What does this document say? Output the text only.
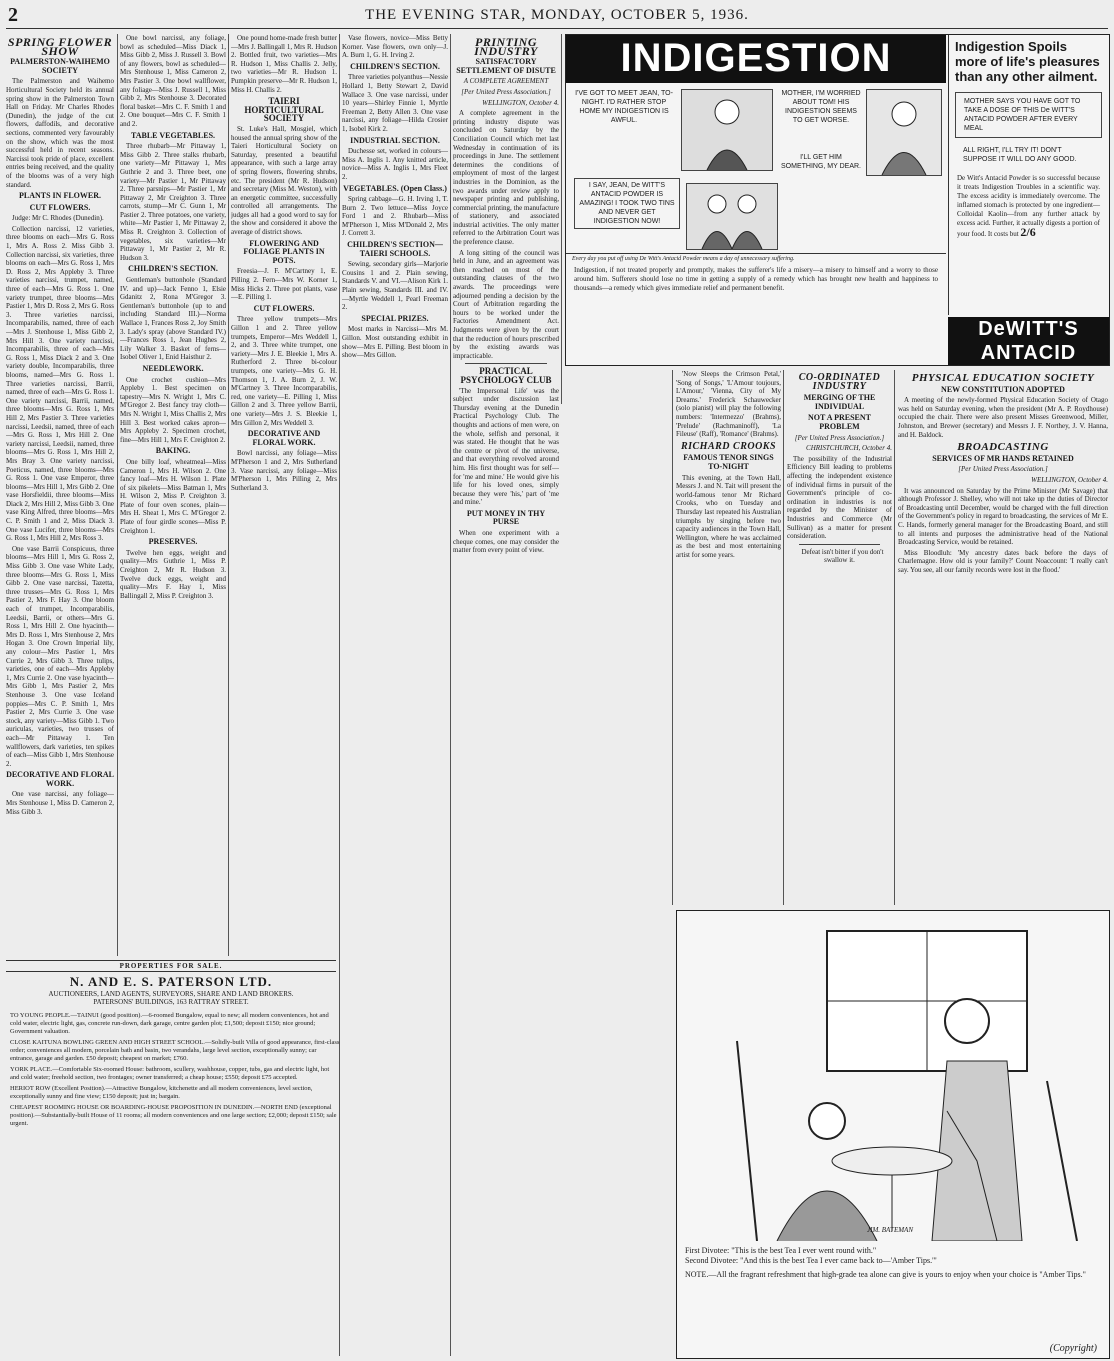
2	THE EVENING STAR, MONDAY, OCTOBER 5, 1936.
SPRING FLOWER SHOW
PALMERSTON-WAIHEMO SOCIETY

The Palmerston and Waihemo Horticultural Society held its annual spring show in the Palmerston Town Hall on Friday. Mr Charles Rhodes (Dunedin), the judge of the cut flowers, daffodils, and decorative sections, commented very favourably on the show, which was the most successful held in recent seasons. Narcissi took pride of place, excellent entries being received, and the quality of the blooms was of a very high standard.

PLANTS IN FLOWER.
CUT FLOWERS.

Judge: Mr C. Rhodes (Dunedin).

Collection narcissi, 12 varieties, three blooms on each—Mrs G. Ross 1, Mrs A. Ross 2. Miss Gibb 3. Collection narcissi, six varieties, three blooms on each—Mrs G. Ross 1, Mrs D. Ross 2, Mrs Appleby 3. Three varieties narcissi, trumpet, named, three of each—Mrs G. Ross 1. One variety trumpet, three blooms—Mrs Pastier 1, Mrs D. Ross 2, Mrs G. Ross 3. Three varieties narcissi, Incomparabilis, named, three of each—Mrs J. Stenhouse 1, Miss Gibb 2, Mrs Hill 3. One variety narcissi, Incomparabilis, three of each—Mrs G. Ross 1, Miss Diack 2 and 3. One variety double, Incomparabilis, three blooms, named—Mrs G. Ross 1. Three varieties narcissi, Barrii, named, three of each—Mrs G. Ross 1. One variety narcissi, Barrii, named, three blooms—Mrs G. Ross 1, Mrs Hill 2, Mrs Pastier 3. Three varieties narcissi, Leedsii, named, three of each—Mrs G. Ross 1, Mrs Hill 2. One variety narcissi, Leedsii, named, three blooms—Mrs G. Ross 1, Mrs Hill 2, Mrs Bray 3. One variety narcissi, Poeticus, named, three blooms—Mrs G. Ross 1. One vase Emperor, three blooms—Mrs Hill 1, Mrs Gibb 2. One vase Horsfieldii, three blooms—Miss Diack 2, Mrs Hill 2, Miss Gibb 3. One vase King Alfred, three blooms—Mrs C. P. Smith 1 and 2, Miss Diack 3. One vase Lucifer, three blooms—Mrs G. Ross 1, Mrs Hill 2, Mrs Ross 3.

One vase Barrii Conspicuus, three blooms—Mrs Hill 1, Mrs G. Ross 2, Miss Gibb 3. One vase White Lady, three blooms—Mrs G. Ross 1, Miss Gibb 2. One vase narcissi, Tazetta, three trusses—Mrs G. Ross 1, Mrs Pastier 2, Mrs F. Hay 3. One bloom each of trumpet, Incomparabilis, Leedsii, Barrii, or others—Mrs G. Ross 1, Mrs Hill 2. One hyacinth—Mrs D. Ross 1, Mrs Stenhouse 2, Mrs Hogan 3. One Crown Imperial lily, any colour—Mrs Pastier 1, Mrs Currie 2, Mrs Gibb 3. Three tulips, varieties, one of each—Mrs Appleby 1, Mrs Currie 2. One vase hyacinth—Mrs Gibb 1, Mrs Pastier 2, Mrs Stenhouse 3. One vase Iceland poppies—Mrs C. P. Smith 1, Mrs Pastier 2, Mrs Currie 3. One vase stock, any variety—Miss Gibb 1. Two auriculas, varieties, two trusses of each—Mr Pittaway 1. Ten wallflowers, dark varieties, ten spikes of each—Miss Gibb 1, Mrs Stenhouse 2.

DECORATIVE AND FLORAL WORK.

One vase narcissi, any foliage—Mrs Stenhouse 1, Miss D. Cameron 2, Miss Gibb 3.

One bowl narcissi, any foliage, bowl as scheduled—Miss Diack 1, Miss Gibb 2, Miss J. Russell 3. Bowl of any flowers, bowl as scheduled—Mrs Stenhouse 1, Miss Cameron 2, Mrs Pastier 3. One bowl wallflower, any foliage—Miss J. Russell 1, Miss Gibb 2, Mrs Stenhouse 3. Decorated floral basket—Mrs C. F. Smith 1 and 2. One bouquet—Mrs C. F. Smith 1 and 2.

TABLE VEGETABLES.

Three rhubarb—Mr Pittaway 1, Miss Gibb 2. Three stalks rhubarb, one variety—Mr Pittaway 1, Mrs Guthrie 2 and 3. Three beet, one variety—Mr Pastier 1, Mr Pittaway 2. Three parsnips—Mr Pastier 1, Mr Pittaway 2, Mr Creighton 3. Three carrots, stump—Mr C. Gunn 1, Mr Pastier 2. Three potatoes, one variety, white—Mr Pastier 1, Mr Pittaway 2, Miss R. Creighton 3. Collection of vegetables, six varieties—Mr Pittaway 1, Mr Pastier 2, Mr R. Hudson 3.

CHILDREN'S SECTION.

Gentleman's buttonhole (Standard IV. and up)—Jack Fenno 1, Elsie Gdanitz 2, Rona M'Gregor 3. Gentleman's buttonhole (up to and including Standard III.)—Norma Wallace 1, Frances Ross 2, Joy Smith 3. Lady's spray (above Standard IV.)—Frances Ross 1, Jean Hughes 2, Lily Walker 3. Basket of ferns—Isobel Oliver 1, Enid Haisthur 2.

NEEDLEWORK.

One crochet cushion—Mrs Appleby 1. Best specimen on tapestry—Mrs N. Wright 1, Mrs C. M'Gregor 2. Best fancy tray cloth—Mrs N. Wright 1, Miss Challis 2, Mrs Hill 3. Best worked cakes apron—Mrs Appleby 2. Specimen crochet, fine—Mrs Hill 1, Mrs F. Creighton 2.

BAKING.

One billy loaf, wheatmeal—Miss Cameron 1, Mrs H. Wilson 2. One fancy loaf—Mrs H. Wilson 1. Plate of six pikelets—Miss Batman 1, Mrs H. Wilson 2, Miss P. Creighton 3. Plate of four oven scones, plain—Mrs H. Sheat 1, Mrs C. M'Gregor 2. Plate of four girdle scones—Miss P. Creighton 1.

PRESERVES.

Twelve hen eggs, weight and quality—Mrs Guthrie 1, Miss P. Creighton 2, Mr R. Hudson 3. Twelve duck eggs, weight and quality—Mrs F. Hay 1, Miss Ballingall 2, Miss P. Creighton 3.

One pound home-made fresh butter—Mrs J. Ballingall 1, Mrs R. Hudson 2. Bottled fruit, two varieties—Mrs R. Hudson 1, Miss Challis 2. Jelly, two varieties—Mr R. Hudson 1. Pumpkin preserve—Mr R. Hudson 1, Miss H. Challis 2.

TAIERI HORTICULTURAL SOCIETY

St. Luke's Hall, Mosgiel, which housed the annual spring show of the Taieri Horticultural Society on Saturday, presented a beautiful appearance, with such a large array of spring flowers, flowering shrubs, etc. The president (Mr R. Hudson) and secretary (Miss M. Weston), with an energetic committee, successfully controlled all arrangements. The judges all had a good word to say for the show and considered it above the average of district shows.

FLOWERING AND FOLIAGE PLANTS IN POTS.

Freesia—J. F. M'Cartney 1, E. Pilling 2. Fern—Mrs W. Korner 1, Miss Hicks 2. Three pot plants, vase—E. Pilling 1.

CUT FLOWERS.

Three yellow trumpets—Mrs Gillon 1 and 2. Three yellow trumpets, Emperor—Mrs Weddell 1, 2, and 3. Three white trumpet, one variety—Mrs J. E. Bleekie 1, Mrs A. Rutherford 2. Three bi-colour trumpets, one variety—Mrs G. H. Thomson 1, J. A. Burn 2, J. W. M'Cartney 3. Three Incomparabilis, red, one variety—E. Pilling 1, Miss Gillon 2 and 3. Three yellow Barrii, one variety—Mrs J. S. Bleekie 1, Mrs Gillon 2, Mrs Weddell 3.

DECORATIVE AND FLORAL WORK.

Bowl narcissi, any foliage—Miss M'Pherson 1 and 2, Mrs Sutherland 3. Vase narcissi, any foliage—Miss M'Pherson 1, Mrs Pilling 2, Mrs Sutherland 3.

Vase flowers, novice—Miss Betty Korner. Vase flowers, own only—J. A. Burn 1, G. H. Irving 2.

CHILDREN'S SECTION.

Three varieties polyanthus—Nessie Hollard 1, Betty Stewart 2, David Wallace 3. One vase narcissi, under 10 years—Shirley Finnie 1, Myrtle Freeman 2, Betty Allen 3. One vase narcissi, any foliage—Hilda Crosier 1, Isobel Kirk 2.

INDUSTRIAL SECTION.

Duchesse set, worked in colours—Miss A. Inglis 1. Any knitted article, novice—Miss A. Inglis 1, Mrs Fleet 2.

VEGETABLES. (Open Class.)

Spring cabbage—G. H. Irving 1, T. Burn 2. Two lettuce—Miss Joyce Ford 1 and 2. Rhubarb—Miss M'Pherson 1, Miss M'Donald 2, Mrs J. Corrett 3.

CHILDREN'S SECTION—TAIERI SCHOOLS.

Sewing, secondary girls—Marjorie Cousins 1 and 2. Plain sewing, Standards V. and VI.—Alison Kirk 1. Plain sewing, Standards III. and IV.—Myrtle Weddell 1, Pearl Freeman 2.

SPECIAL PRIZES.

Most marks in Narcissi—Mrs M. Gillon. Most outstanding exhibit in show—Mrs E. Pilling. Best bloom in show—Mrs Gillon.

PRINTING INDUSTRY
SATISFACTORY SETTLEMENT OF DISUTE
A COMPLETE AGREEMENT
[Per United Press Association.]
WELLINGTON, October 4.

A complete agreement in the printing industry dispute was concluded on Saturday by the Conciliation Council which met last Wednesday in continuation of its proceedings in June. The settlement determines the conditions of employment of most of the largest industries in the Dominion, as the two awards under review apply to newspaper printing and publishing, commercial printing, the manufacture of stationery, and associated industrial activities. The only matter referred to the Arbitration Court was the preference clause.

A long sitting of the council was held in June, and an agreement was then reached on most of the outstanding clauses of the two awards. The proceedings were adjourned pending a decision by the Court of Arbitration regarding the hours to be worked under the Factories Amendment Act. Judgments were given by the court that the reduction of hours prescribed by the existing awards was impracticable.

PRACTICAL PSYCHOLOGY CLUB

'The Impersonal Life' was the subject under discussion last Thursday evening at the Dunedin Practical Psychology Club. The thoughts and actions of men were, on the whole, selfish and personal, it was stated. He thought that he was the centre or pivot of the universe, and that everything revolved around him. His first thought was for self—for 'me and mine.' He would give his life for his loved ones, simply because they were 'his,' part of 'me and mine.'

PUT MONEY IN THY PURSE

When one experiment with a cheque comes, one may consider the matter from every point of view.

INDIGESTION
I'VE GOT TO MEET JEAN, TO-NIGHT. I'D RATHER STOP HOME MY INDIGESTION IS AWFUL.
MOTHER, I'M WORRIED ABOUT TOM! HIS INDIGESTION SEEMS TO GET WORSE.
I'LL GET HIM SOMETHING, MY DEAR.
I SAY, JEAN, De WITT'S ANTACID POWDER IS AMAZING! I TOOK TWO TINS AND NEVER GET INDIGESTION NOW!
Every day you put off using De Witt's Antacid Powder means a day of unnecessary suffering.
Indigestion, if not treated properly and promptly, makes the sufferer's life a misery—a misery to himself and a worry to those around him. Sufferers should lose no time in getting a supply of a remedy which has brought new health and happiness to thousands—a remedy which gives immediate relief and permanent benefit.
Indigestion Spoils more of life's pleasures than any other ailment.
MOTHER SAYS YOU HAVE GOT TO TAKE A DOSE OF THIS De WITT'S ANTACID POWDER AFTER EVERY MEAL
ALL RIGHT, I'LL TRY IT! DON'T SUPPOSE IT WILL DO ANY GOOD.
De Witt's Antacid Powder is so successful because it treats Indigestion Troubles in a scientific way. The excess acidity is immediately overcome. The inflamed stomach is protected by one ingredient—Colloidal Kaolin—from any further attack by excess acid. Further, it actually digests a portion of your food. It costs but 2/6
DeWITT'S ANTACID

'Now Sleeps the Crimson Petal,' 'Song of Songs,' 'L'Amour toujours, L'Amour,' 'Vienna, City of My Dreams.' Frederick Schauwecker (solo pianist) will play the following numbers: 'Intermezzo' (Brahms), 'Prelude' (Rachmaninoff), 'La Fileuse' (Raff), 'Romance' (Brahms).

RICHARD CROOKS
FAMOUS TENOR SINGS TO-NIGHT

This evening, at the Town Hall, Messrs J. and N. Tait will present the world-famous tenor Mr Richard Crooks, who on Tuesday and Thursday last repeated his Australian triumphs by singing before two capacity audiences in the Town Hall, Wellington, where he was acclaimed as the best and most entertaining artist for some years.

CO-ORDINATED INDUSTRY
MERGING OF THE INDIVIDUAL
NOT A PRESENT PROBLEM
[Per United Press Association.]
CHRISTCHURCH, October 4.

The possibility of the Industrial Efficiency Bill leading to problems affecting the independent existence of individual firms in pursuit of the Government's principle of co-ordination in industries is not regarded by the Minister of Industries and Commerce (Mr Sullivan) as a matter for present consideration.

Defeat isn't bitter if you don't swallow it.

PHYSICAL EDUCATION SOCIETY
NEW CONSTITUTION ADOPTED

A meeting of the newly-formed Physical Education Society of Otago was held on Saturday evening, when the president (Mr A. P. Roydhouse) occupied the chair. There were also present Misses Greenwood, Miller, Johnston, and Brewer (secretary) and Messrs J. F. Northey, J. V. Hanna, and H. Baldock.

BROADCASTING
SERVICES OF MR HANDS RETAINED
[Per United Press Association.]
WELLINGTON, October 4.

It was announced on Saturday by the Prime Minister (Mr Savage) that although Professor J. Shelley, who will not take up the duties of Director of Broadcasting until December, would be charged with the full direction of the Government's policy in regard to broadcasting, the services of Mr E. C. Hands, formerly general manager for the Broadcasting Board, and still to all intents and purposes the administrative head of the National Broadcasting Service, would be retained.

Miss Bloodluh: 'My ancestry dates back before the days of Charlemagne. How old is your family?' Count Noaccount: 'I really can't say. You see, all our family records were lost in the flood.'

JIM. BATEMAN
First Divotee: "This is the best Tea I ever went round with."
Second Divotee: "And this is the best Tea I ever came back to—'Amber Tips.'"
NOTE.—All the fragrant refreshment that high-grade tea alone can give is yours to enjoy when your choice is "Amber Tips."
(Copyright)
PROPERTIES FOR SALE.
N. AND E. S. PATERSON LTD.
AUCTIONEERS, LAND AGENTS, SURVEYORS, SHARE AND LAND BROKERS.
PATERSONS' BUILDINGS, 163 RATTRAY STREET.

TO YOUNG PEOPLE.—TAINUI (good position).—6-roomed Bungalow, equal to new; all modern conveniences, hot and cold water, electric light, gas, concrete run-down, dark garage, centre garden plot; £1,500; deposit £150; nice ground; Government valuation.

CLOSE KAITUNA BOWLING GREEN AND HIGH STREET SCHOOL.—Solidly-built Villa of good appearance, first-class order; conveniences all modern, porcelain bath and basin, two verandahs, large level section, exceptionally sunny; car entrance, garage and garden. £50 deposit; cheapest on market; £760.

YORK PLACE.—Comfortable Six-roomed House: bathroom, scullery, washhouse, copper, tubs, gas and electric light, hot and cold water; freehold section, two frontages; owner transferred; a cheap house; £550; deposit £75 accepted.

HERIOT ROW (Excellent Position).—Attractive Bungalow, kitchenette and all modern conveniences, level section, exceptionally sunny and fine view; £150 deposit; just in; bargain.

CHEAPEST ROOMING HOUSE OR BOARDING-HOUSE PROPOSITION IN DUNEDIN.—NORTH END (exceptional position).—Substantially-built House of 11 rooms; all modern conveniences and one large section; £2,000; deposit £150; sale urgent.
